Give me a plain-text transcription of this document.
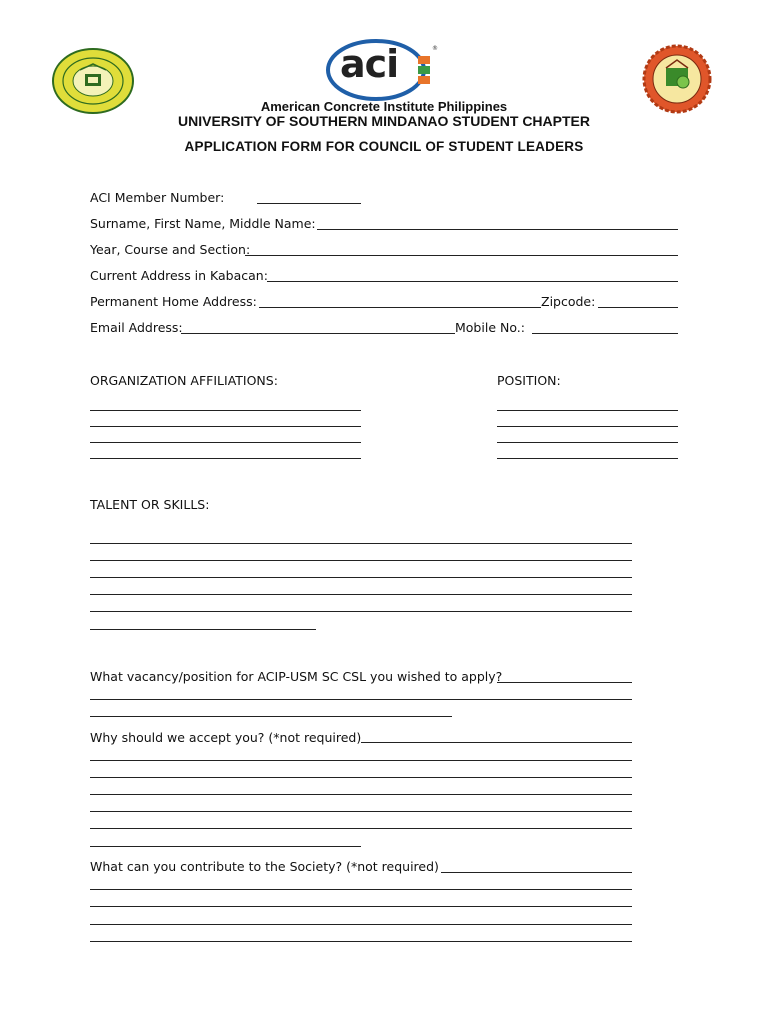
®
aci
American Concrete Institute Philippines
UNIVERSITY OF SOUTHERN MINDANAO STUDENT CHAPTER
APPLICATION FORM FOR COUNCIL OF STUDENT LEADERS
ACI Member Number:
Surname, First Name, Middle Name:
Year, Course and Section:
Current Address in Kabacan:
Permanent Home Address:	Zipcode:
Email Address:	Mobile No.:
ORGANIZATION AFFILIATIONS:	POSITION:
TALENT OR SKILLS:
What vacancy/position for ACIP-USM SC CSL you wished to apply?
Why should we accept you? (*not required)
What can you contribute to the Society? (*not required)
